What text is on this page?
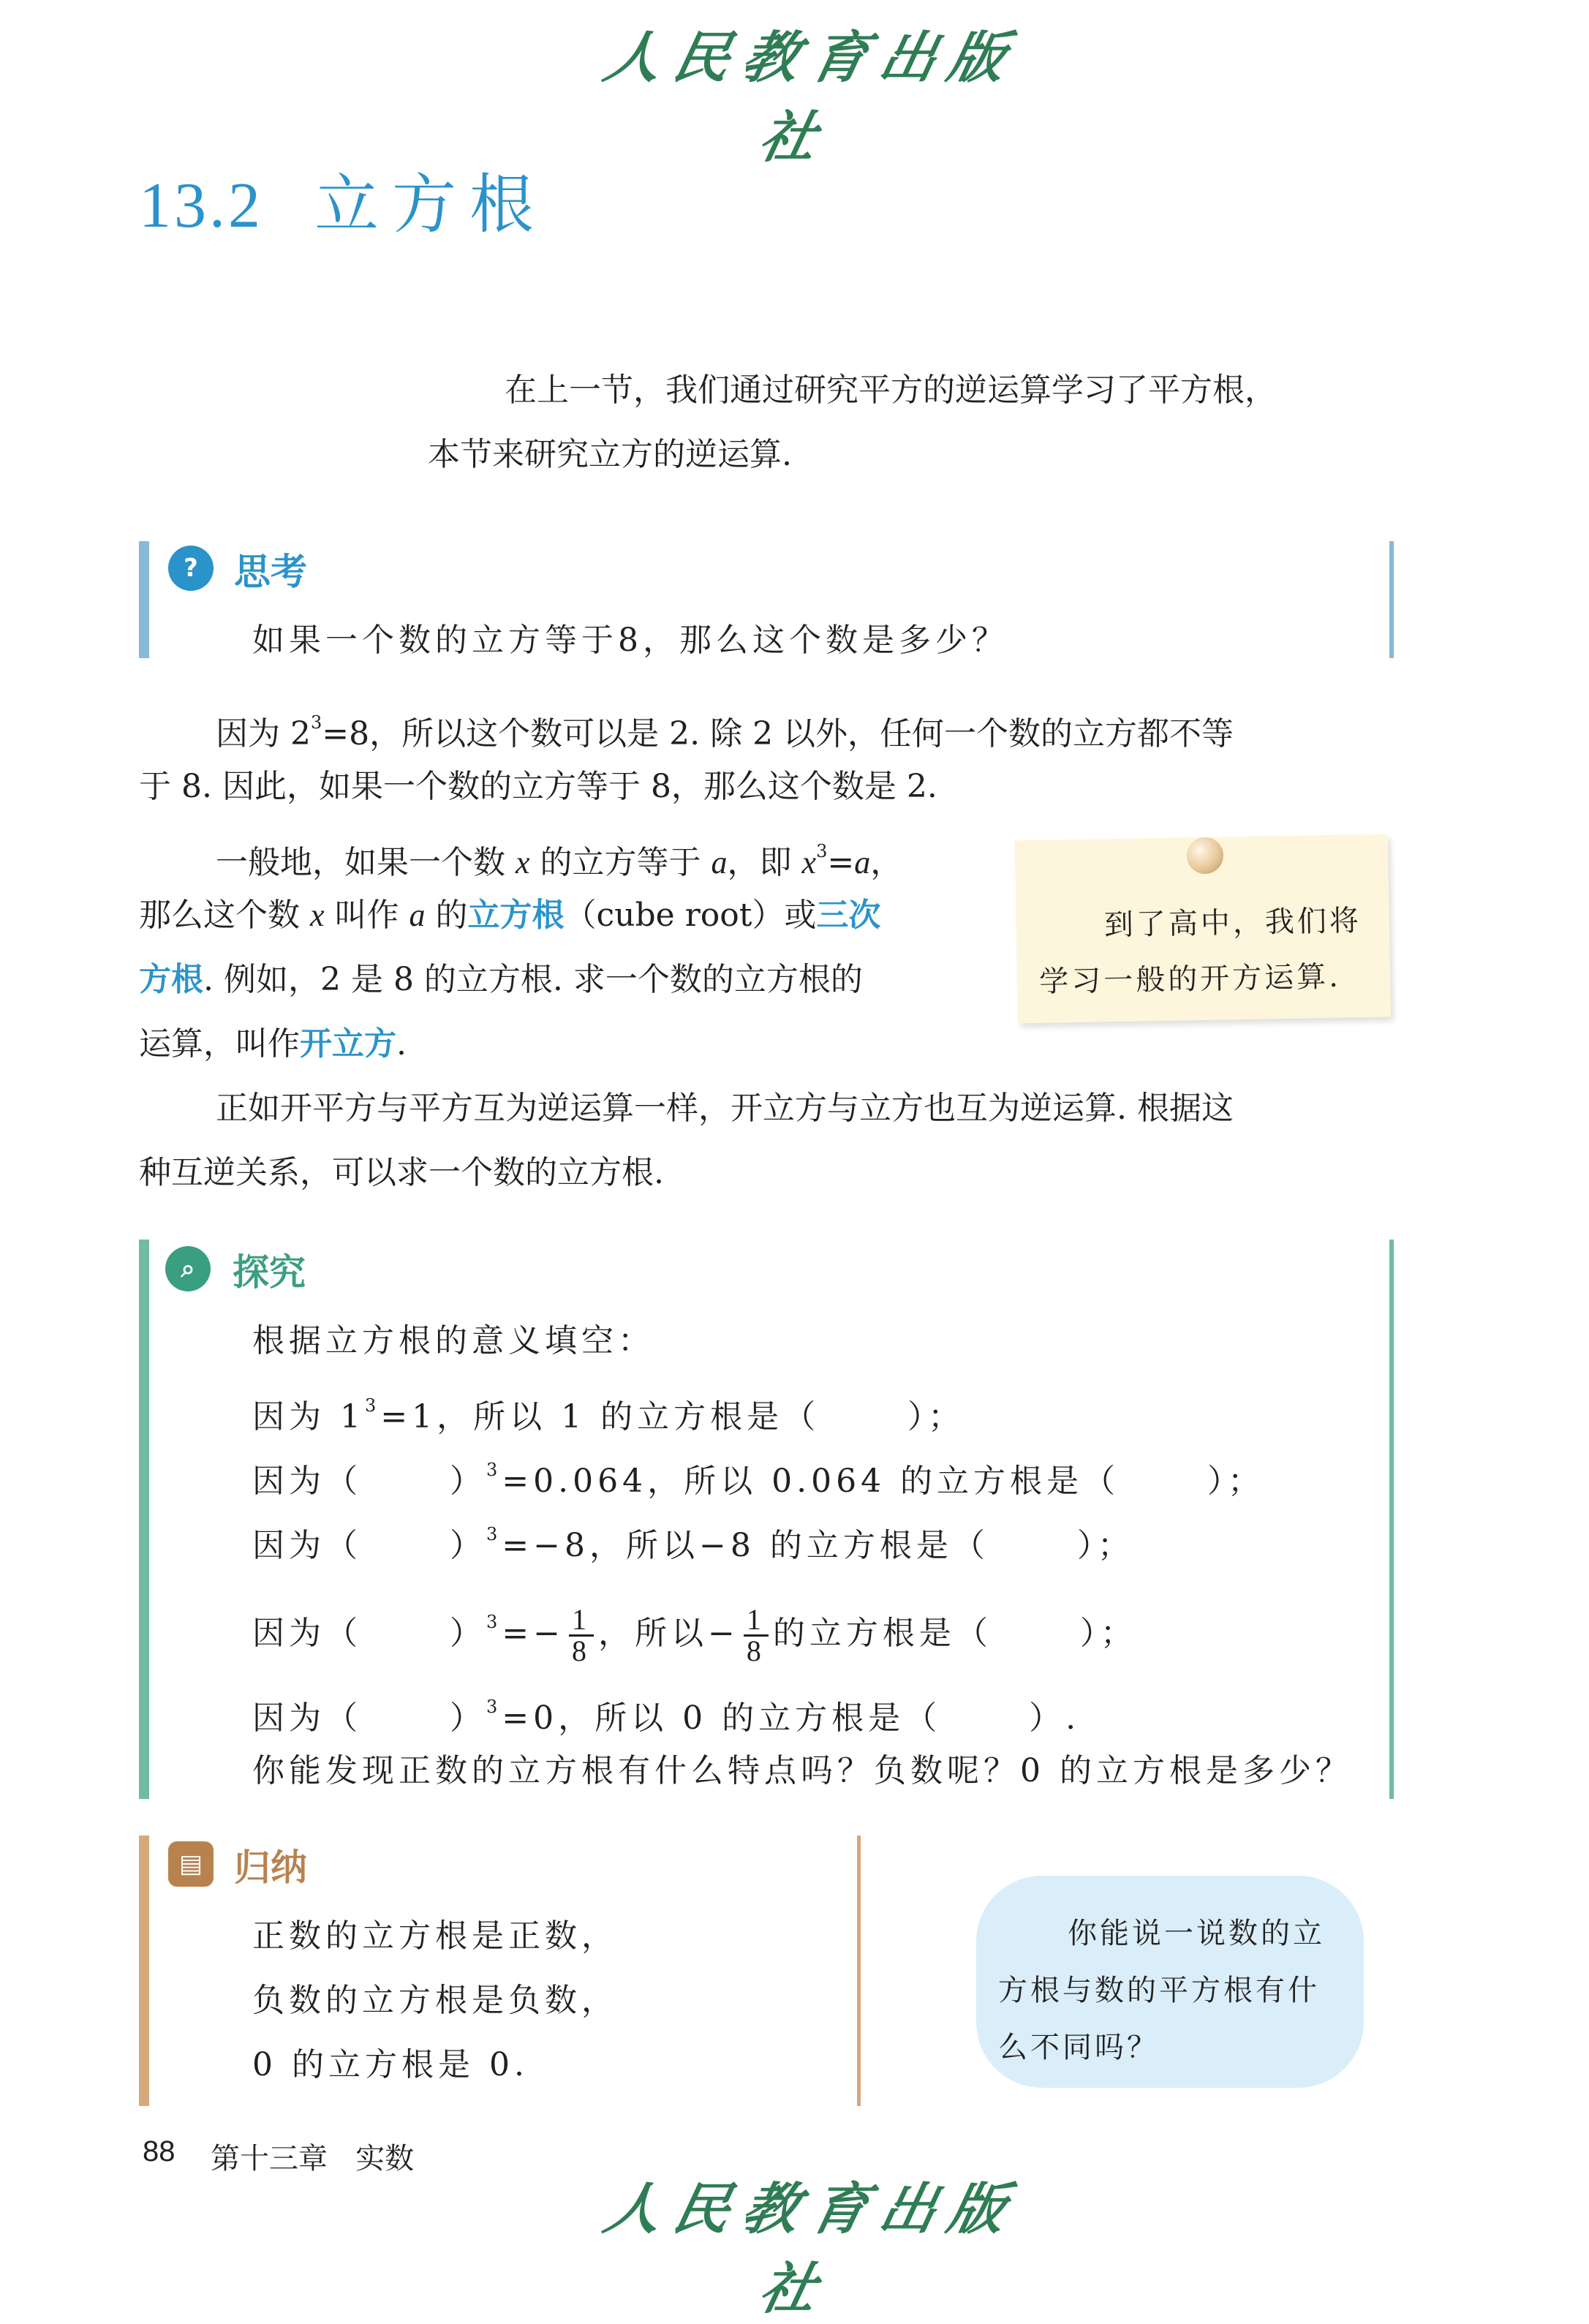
人民教育出版社
13.2 立方根
在上一节，我们通过研究平方的逆运算学习了平方根，
本节来研究立方的逆运算.
? 思考
如果一个数的立方等于8，那么这个数是多少？
因为 $2^3=8$，所以这个数可以是 2. 除 2 以外，任何一个数的立方都不等
于 8. 因此，如果一个数的立方等于 8，那么这个数是 2.
一般地，如果一个数 x 的立方等于 a，即 $x^3=a$，
那么这个数 x 叫作 a 的立方根（cube root）或三次
方根. 例如，2 是 8 的立方根. 求一个数的立方根的
运算，叫作开立方.
到了高中，我们将
学习一般的开方运算.
正如开平方与平方互为逆运算一样，开立方与立方也互为逆运算. 根据这
种互逆关系，可以求一个数的立方根.
⌕	探究
根据立方根的意义填空：
因为 $1^3=1$，所以 1 的立方根是（	）；
因为（	）$^3$=0.064，所以 0.064 的立方根是（	）；
因为（	）$^3$=−8，所以−8 的立方根是（	）；
因为（	）$^3=- \frac{1}{8}$ ，所以− $\frac{1}{8}$ 的立方根是（	）；
因为（	）$^3$=0，所以 0 的立方根是（	）.
你能发现正数的立方根有什么特点吗？负数呢？0 的立方根是多少？
▤ 归纳
正数的立方根是正数，
负数的立方根是负数，
0 的立方根是 0.
你能说一说数的立
方根与数的平方根有什
么不同吗？
88 第十三章 实数
人民教育出版社
